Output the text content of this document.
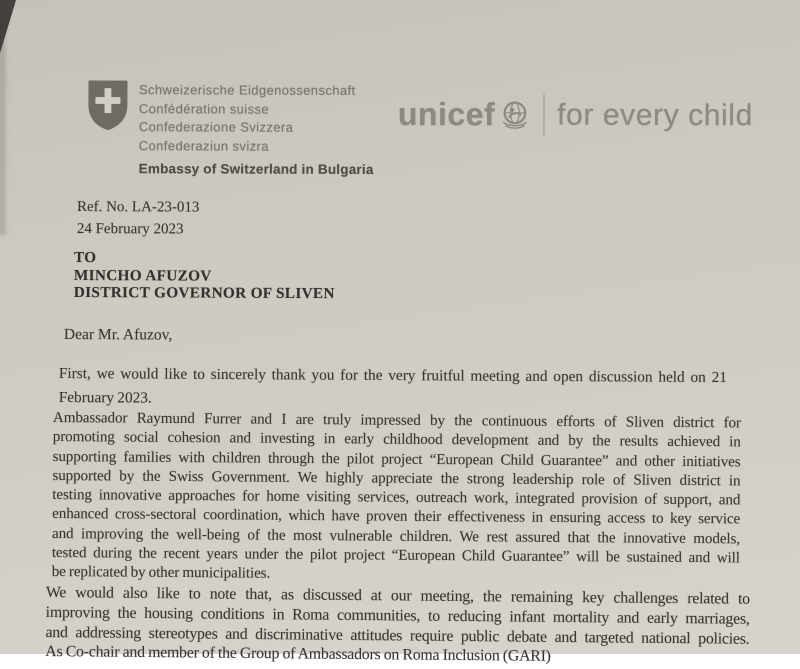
Schweizerische Eidgenossenschaft
Confédération suisse
Confederazione Svizzera
Confederaziun svizra
Embassy of Switzerland in Bulgaria
unicef for every child
Ref. No. LA-23-013
24 February 2023
TO
MINCHO AFUZOV
DISTRICT GOVERNOR OF SLIVEN
Dear Mr. Afuzov,
First, we would like to sincerely thank you for the very fruitful meeting and open discussion held on 21
February 2023.
Ambassador Raymund Furrer and I are truly impressed by the continuous efforts of Sliven district for
promoting social cohesion and investing in early childhood development and by the results achieved in
supporting families with children through the pilot project “European Child Guarantee” and other initiatives
supported by the Swiss Government. We highly appreciate the strong leadership role of Sliven district in
testing innovative approaches for home visiting services, outreach work, integrated provision of support, and
enhanced cross-sectoral coordination, which have proven their effectiveness in ensuring access to key service
and improving the well-being of the most vulnerable children. We rest assured that the innovative models,
tested during the recent years under the pilot project “European Child Guarantee” will be sustained and will
be replicated by other municipalities.
We would also like to note that, as discussed at our meeting, the remaining key challenges related to
improving the housing conditions in Roma communities, to reducing infant mortality and early marriages,
and addressing stereotypes and discriminative attitudes require public debate and targeted national policies.
As Co-chair and member of the Group of Ambassadors on Roma Inclusion (GARI)
